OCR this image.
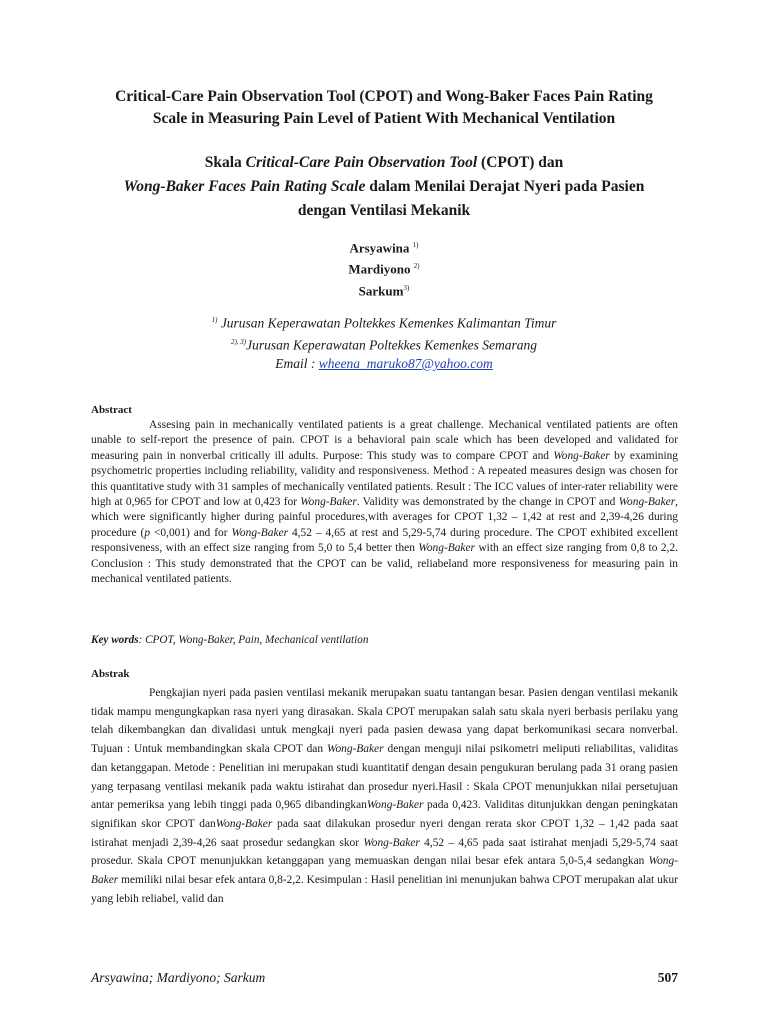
Critical-Care Pain Observation Tool (CPOT) and Wong-Baker Faces Pain Rating
Scale in Measuring Pain Level of Patient With Mechanical Ventilation
Skala Critical-Care Pain Observation Tool (CPOT) dan
Wong-Baker Faces Pain Rating Scale dalam Menilai Derajat Nyeri pada Pasien
dengan Ventilasi Mekanik
Arsyawina $^{1)}$
Mardiyono $^{2)}$
Sarkum$^{3)}$
$^{1)}$ Jurusan Keperawatan Poltekkes Kemenkes Kalimantan Timur
$^{2), 3)}$Jurusan Keperawatan Poltekkes Kemenkes Semarang
Email : wheena_maruko87@yahoo.com
Abstract

Assesing pain in mechanically ventilated patients is a great challenge. Mechanical ventilated patients are often unable to self-report the presence of pain. CPOT is a behavioral pain scale which has been developed and validated for measuring pain in nonverbal critically ill adults. Purpose: This study was to compare CPOT and Wong-Baker by examining psychometric properties including reliability, validity and responsiveness. Method : A repeated measures design was chosen for this quantitative study with 31 samples of mechanically ventilated patients. Result : The ICC values of inter-rater reliability were high at 0,965 for CPOT and low at 0,423 for Wong-Baker. Validity was demonstrated by the change in CPOT and Wong-Baker, which were significantly higher during painful procedures,with averages for CPOT 1,32 – 1,42 at rest and 2,39-4,26 during procedure (p <0,001) and for Wong-Baker 4,52 – 4,65 at rest and 5,29-5,74 during procedure. The CPOT exhibited excellent responsiveness, with an effect size ranging from 5,0 to 5,4 better then Wong-Baker with an effect size ranging from 0,8 to 2,2. Conclusion : This study demonstrated that the CPOT can be valid, reliabeland more responsiveness for measuring pain in mechanical ventilated patients.

Key words: CPOT, Wong-Baker, Pain, Mechanical ventilation
Abstrak

Pengkajian nyeri pada pasien ventilasi mekanik merupakan suatu tantangan besar. Pasien dengan ventilasi mekanik tidak mampu mengungkapkan rasa nyeri yang dirasakan. Skala CPOT merupakan salah satu skala nyeri berbasis perilaku yang telah dikembangkan dan divalidasi untuk mengkaji nyeri pada pasien dewasa yang dapat berkomunikasi secara nonverbal. Tujuan : Untuk membandingkan skala CPOT dan Wong-Baker dengan menguji nilai psikometri meliputi reliabilitas, validitas dan ketanggapan. Metode : Penelitian ini merupakan studi kuantitatif dengan desain pengukuran berulang pada 31 orang pasien yang terpasang ventilasi mekanik pada waktu istirahat dan prosedur nyeri.Hasil : Skala CPOT menunjukkan nilai persetujuan antar pemeriksa yang lebih tinggi pada 0,965 dibandingkanWong-Baker pada 0,423. Validitas ditunjukkan dengan peningkatan signifikan skor CPOT danWong-Baker pada saat dilakukan prosedur nyeri dengan rerata skor CPOT 1,32 – 1,42 pada saat istirahat menjadi 2,39-4,26 saat prosedur sedangkan skor Wong-Baker 4,52 – 4,65 pada saat istirahat menjadi 5,29-5,74 saat prosedur. Skala CPOT menunjukkan ketanggapan yang memuaskan dengan nilai besar efek antara 5,0-5,4 sedangkan Wong-Baker memiliki nilai besar efek antara 0,8-2,2. Kesimpulan : Hasil penelitian ini menunjukan bahwa CPOT merupakan alat ukur yang lebih reliabel, valid dan

Arsyawina; Mardiyono; Sarkum	507
